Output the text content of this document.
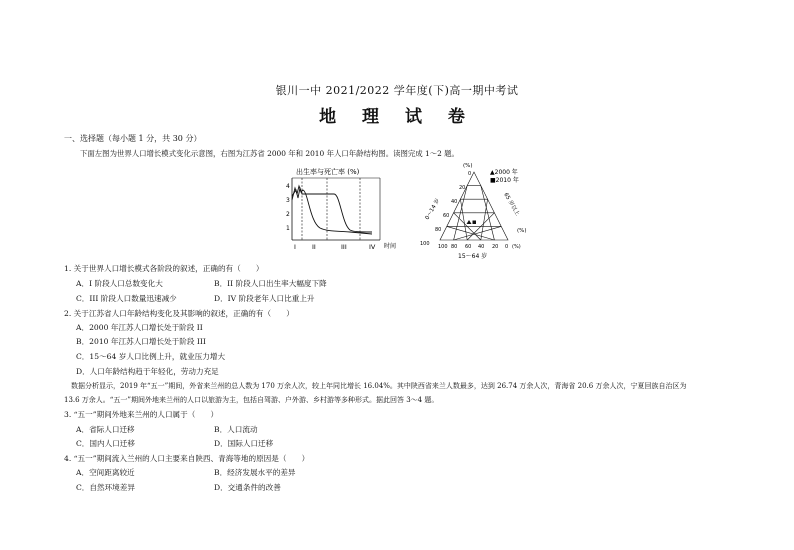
银川一中 2021/2022 学年度(下)高一期中考试
地 理 试 卷
一、选择题（每小题 1 分，共 30 分）
下面左图为世界人口增长模式变化示意图，右图为江苏省 2000 年和 2010 年人口年龄结构图。读图完成 1～2 题。
出生率与死亡率 (%)
4
3
2
1
I II	III	IV 时间
(%)
0
20
40
60
80
100
0～14 岁	65 岁以上
(%)
▲2000 年
■2010 年
100 80 60 40 20 0 (%)
15～64 岁
1. 关于世界人口增长模式各阶段的叙述，正确的有（　　）
A．I 阶段人口总数变化大	B．II 阶段人口出生率大幅度下降
C．III 阶段人口数量迅速减少	D．IV 阶段老年人口比重上升
2. 关于江苏省人口年龄结构变化及其影响的叙述，正确的有（　　）
A．2000 年江苏人口增长处于阶段 II
B．2010 年江苏人口增长处于阶段 III
C．15～64 岁人口比例上升，就业压力增大
D．人口年龄结构趋于年轻化，劳动力充足
　数据分析显示，2019 年“五一”期间，外省来兰州的总人数为 170 万余人次，较上年同比增长 16.04%。其中陕西省来兰人数最多，达到 26.74 万余人次，青海省 20.6 万余人次，宁夏回族自治区为
13.6 万余人。“五一”期间外地来兰州的人口以旅游为主，包括自驾游、户外游、乡村游等多种形式。据此回答 3～4 题。
3. “五一”期间外地来兰州的人口属于（　　）
A．省际人口迁移	B．人口流动
C．国内人口迁移	D．国际人口迁移
4. “五一”期间流入兰州的人口主要来自陕西、青海等地的原因是（　　）
A．空间距离较近	B．经济发展水平的差异
C．自然环境差异	D．交通条件的改善
